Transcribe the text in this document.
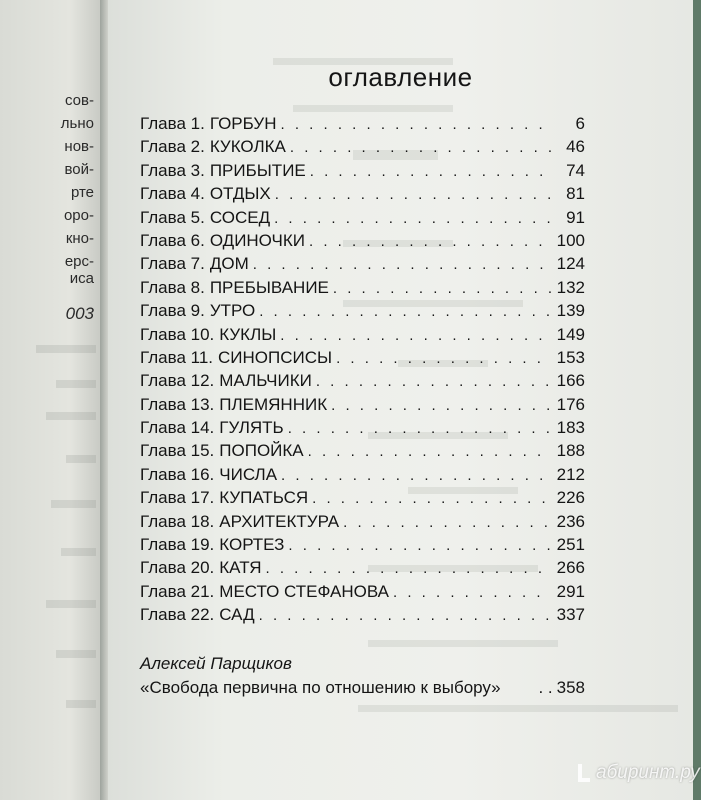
сов-
льно
нов-
вой-
рте
оро-
кно-
ерс-
иса
003
оглавление
Глава 1. ГОРБУН . . .	6
Глава 2. КУКОЛКА . . .	46
Глава 3. ПРИБЫТИЕ . . .	74
Глава 4. ОТДЫХ . . .	81
Глава 5. СОСЕД . . .	91
Глава 6. ОДИНОЧКИ . . .	100
Глава 7. ДОМ . . .	124
Глава 8. ПРЕБЫВАНИЕ . . .	132
Глава 9. УТРО . . .	139
Глава 10. КУКЛЫ . . .	149
Глава 11. СИНОПСИСЫ . . .	153
Глава 12. МАЛЬЧИКИ . . .	166
Глава 13. ПЛЕМЯННИК . . .	176
Глава 14. ГУЛЯТЬ . . .	183
Глава 15. ПОПОЙКА . . .	188
Глава 16. ЧИСЛА . . .	212
Глава 17. КУПАТЬСЯ . . .	226
Глава 18. АРХИТЕКТУРА . . .	236
Глава 19. КОРТЕЗ . . .	251
Глава 20. КАТЯ . . .	266
Глава 21. МЕСТО СТЕФАНОВА . . .	291
Глава 22. САД . . .	337
Алексей Парщиков
«Свобода первична по отношению к выбору»	. . 358
абиринт.ру
